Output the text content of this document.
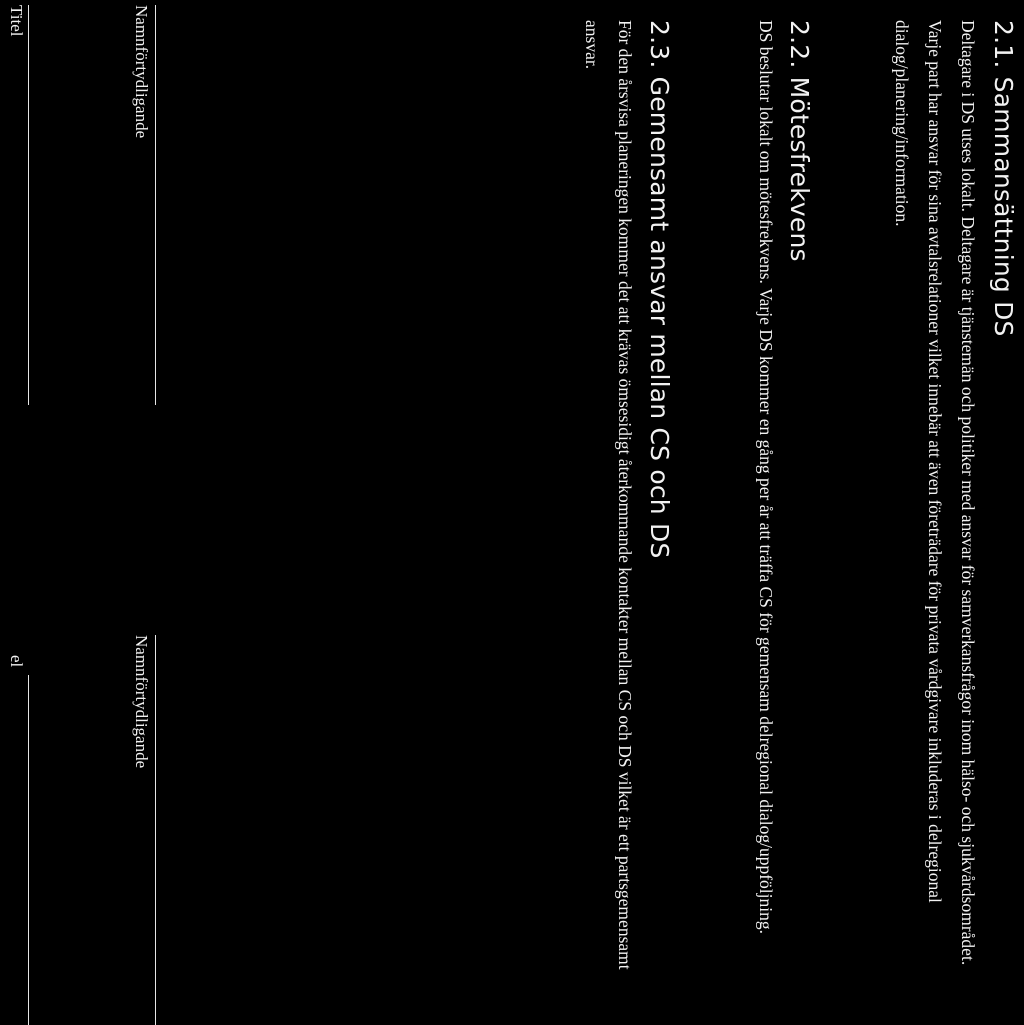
2.1. Sammansättning DS

Deltagare i DS utses lokalt. Deltagare är tjänstemän och politiker med ansvar för samverkansfrågor inom hälso- och sjukvårdsområdet. Varje part har ansvar för sina avtalsrelationer vilket innebär att även företrädare för privata vårdgivare inkluderas i delregional dialog/planering/information.

2.2. Mötesfrekvens

DS beslutar lokalt om mötesfrekvens. Varje DS kommer en gång per år att träffa CS för gemensam delregional dialog/uppföljning.

2.3. Gemensamt ansvar mellan CS och DS

För den årsvisa planeringen kommer det att krävas ömsesidigt återkommande kontakter mellan CS och DS vilket är ett partsgemensamt ansvar.

Namnförtydligande
Namnförtydligande
Titel
el
